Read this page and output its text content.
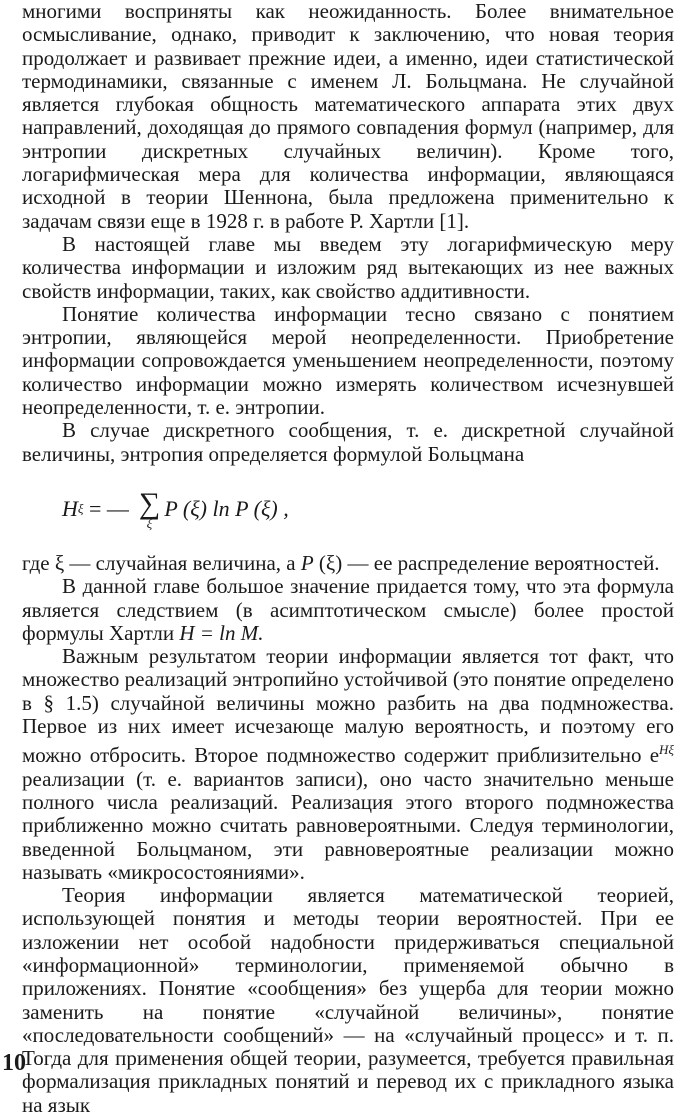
многими восприняты как неожиданность. Более внимательное осмысливание, однако, приводит к заключению, что новая теория продолжает и развивает прежние идеи, а именно, идеи статистической термодинамики, связанные с именем Л. Больцмана. Не случайной является глубокая общность математического аппарата этих двух направлений, доходящая до прямого совпадения формул (например, для энтропии дискретных случайных величин). Кроме того, логарифмическая мера для количества информации, являющаяся исходной в теории Шеннона, была предложена применительно к задачам связи еще в 1928 г. в работе Р. Хартли [1].

В настоящей главе мы введем эту логарифмическую меру количества информации и изложим ряд вытекающих из нее важных свойств информации, таких, как свойство аддитивности.

Понятие количества информации тесно связано с понятием энтропии, являющейся мерой неопределенности. Приобретение информации сопровождается уменьшением неопределенности, поэтому количество информации можно измерять количеством исчезнувшей неопределенности, т. е. энтропии.

В случае дискретного сообщения, т. е. дискретной случайной величины, энтропия определяется формулой Больцмана

H ξ = — ∑
ξ
P (ξ) ln P (ξ) ,

где ξ — случайная величина, а P (ξ) — ее распределение вероятностей.

В данной главе большое значение придается тому, что эта формула является следствием (в асимптотическом смысле) более простой формулы Хартли H = ln M.

Важным результатом теории информации является тот факт, что множество реализаций энтропийно устойчивой (это понятие определено в § 1.5) случайной величины можно разбить на два подмножества. Первое из них имеет исчезающе малую вероятность, и поэтому его можно отбросить. Второе подмножество содержит приблизительно $e^{H\xi}$ реализации (т. е. вариантов записи), оно часто значительно меньше полного числа реализаций. Реализация этого второго подмножества приближенно можно считать равновероятными. Следуя терминологии, введенной Больцманом, эти равновероятные реализации можно называть «микросостояниями».

Теория информации является математической теорией, использующей понятия и методы теории вероятностей. При ее изложении нет особой надобности придерживаться специальной «информационной» терминологии, применяемой обычно в приложениях. Понятие «сообщения» без ущерба для теории можно заменить на понятие «случайной величины», понятие «последовательности сообщений» — на «случайный процесс» и т. п. Тогда для применения общей теории, разумеется, требуется правильная формализация прикладных понятий и перевод их с прикладного языка на язык

10
